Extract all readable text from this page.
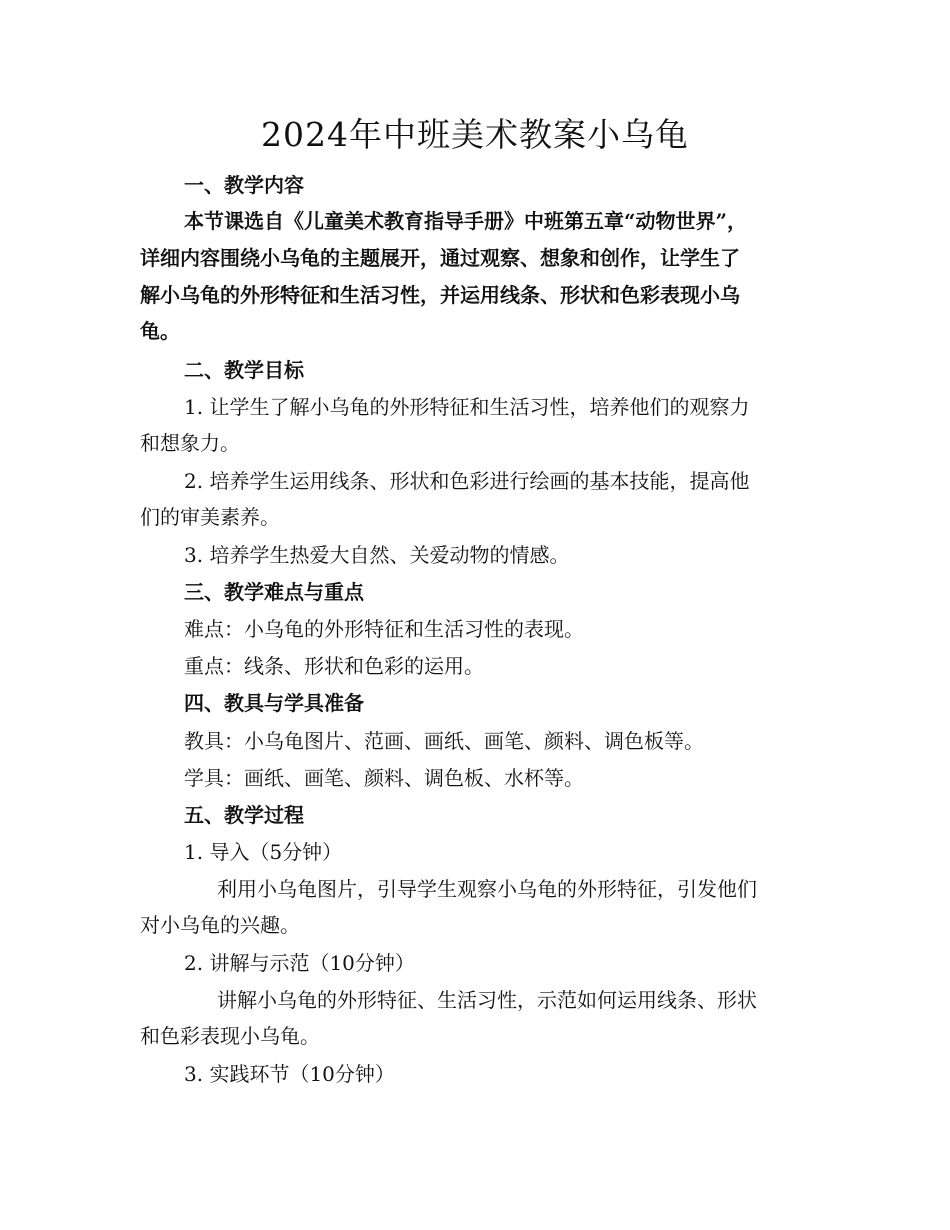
2024年中班美术教案小乌龟

一、教学内容

本节课选自《儿童美术教育指导手册》中班第五章“动物世界”，

详细内容围绕小乌龟的主题展开，通过观察、想象和创作，让学生了

解小乌龟的外形特征和生活习性，并运用线条、形状和色彩表现小乌

龟。

二、教学目标

1. 让学生了解小乌龟的外形特征和生活习性，培养他们的观察力

和想象力。

2. 培养学生运用线条、形状和色彩进行绘画的基本技能，提高他

们的审美素养。

3. 培养学生热爱大自然、关爱动物的情感。

三、教学难点与重点

难点：小乌龟的外形特征和生活习性的表现。

重点：线条、形状和色彩的运用。

四、教具与学具准备

教具：小乌龟图片、范画、画纸、画笔、颜料、调色板等。

学具：画纸、画笔、颜料、调色板、水杯等。

五、教学过程

1. 导入（5分钟）

利用小乌龟图片，引导学生观察小乌龟的外形特征，引发他们

对小乌龟的兴趣。

2. 讲解与示范（10分钟）

讲解小乌龟的外形特征、生活习性，示范如何运用线条、形状

和色彩表现小乌龟。

3. 实践环节（10分钟）
